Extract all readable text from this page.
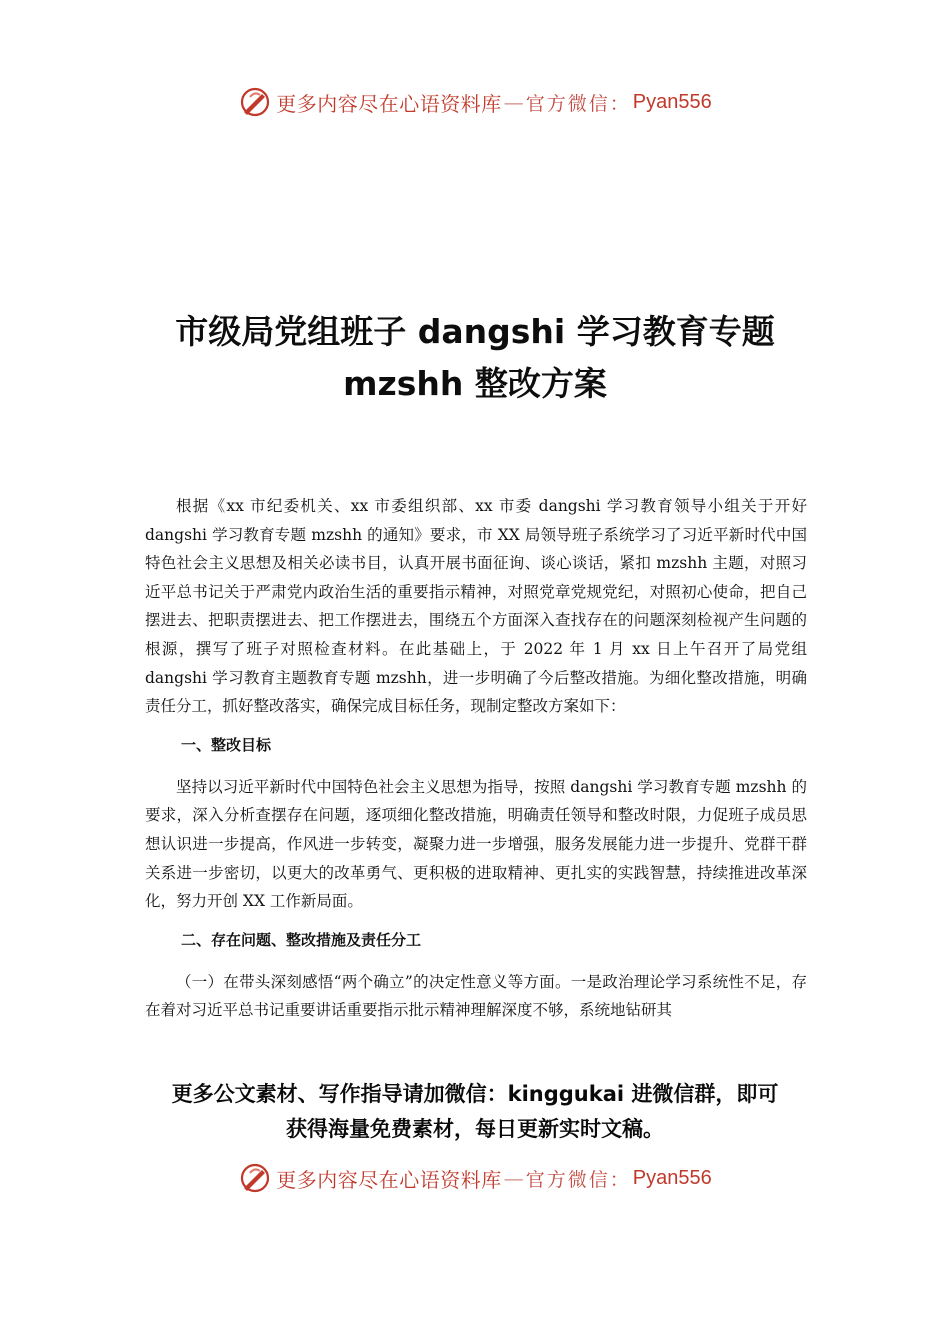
更多内容尽在心语资料库 — 官方微信： Pyan556
市级局党组班子 dangshi 学习教育专题
mzshh 整改方案

根据《xx 市纪委机关、xx 市委组织部、xx 市委 dangshi 学习教育领导小组关于开好 dangshi 学习教育专题 mzshh 的通知》要求，市 XX 局领导班子系统学习了习近平新时代中国特色社会主义思想及相关必读书目，认真开展书面征询、谈心谈话，紧扣 mzshh 主题，对照习近平总书记关于严肃党内政治生活的重要指示精神，对照党章党规党纪，对照初心使命，把自己摆进去、把职责摆进去、把工作摆进去，围绕五个方面深入查找存在的问题深刻检视产生问题的根源，撰写了班子对照检查材料。在此基础上，于 2022 年 1 月 xx 日上午召开了局党组 dangshi 学习教育主题教育专题 mzshh，进一步明确了今后整改措施。为细化整改措施，明确责任分工，抓好整改落实，确保完成目标任务，现制定整改方案如下：

一、整改目标

坚持以习近平新时代中国特色社会主义思想为指导，按照 dangshi 学习教育专题 mzshh 的要求，深入分析查摆存在问题，逐项细化整改措施，明确责任领导和整改时限，力促班子成员思想认识进一步提高，作风进一步转变，凝聚力进一步增强，服务发展能力进一步提升、党群干群关系进一步密切，以更大的改革勇气、更积极的进取精神、更扎实的实践智慧，持续推进改革深化，努力开创 XX 工作新局面。

二、存在问题、整改措施及责任分工

（一）在带头深刻感悟“两个确立”的决定性意义等方面。一是政治理论学习系统性不足，存在着对习近平总书记重要讲话重要指示批示精神理解深度不够，系统地钻研其

更多公文素材、写作指导请加微信：kinggukai 进微信群，即可
获得海量免费素材，每日更新实时文稿。
更多内容尽在心语资料库 — 官方微信： Pyan556
